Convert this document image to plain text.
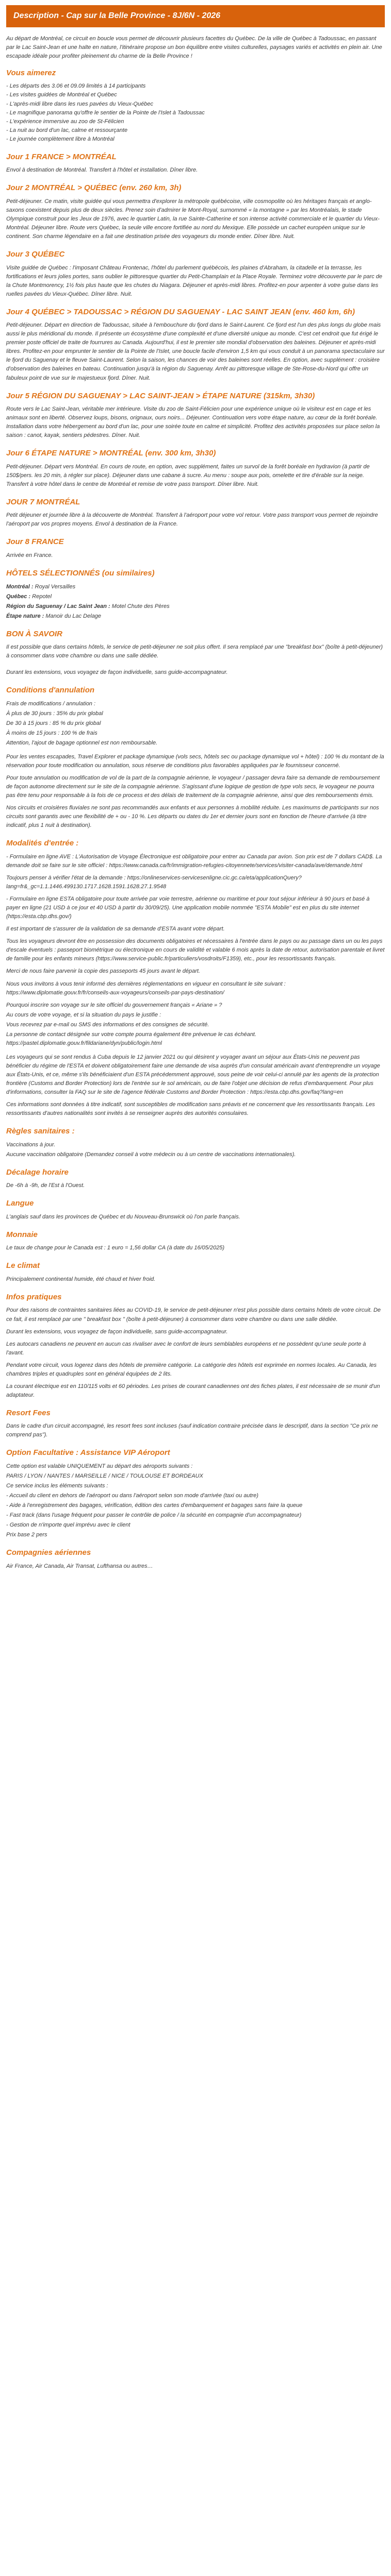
Description - Cap sur la Belle Province - 8J/6N - 2026

Au départ de Montréal, ce circuit en boucle vous permet de découvrir plusieurs facettes du Québec. De la ville de Québec à Tadoussac, en passant par le Lac Saint-Jean et une halte en nature, l'itinéraire propose un bon équilibre entre visites culturelles, paysages variés et activités en plein air. Une escapade idéale pour profiter pleinement du charme de la Belle Province !

Vous aimerez
- Les départs des 3.06 et 09.09 limités à 14 participants
- Les visites guidées de Montréal et Québec
- L'après-midi libre dans les rues pavées du Vieux-Québec
- Le magnifique panorama qu'offre le sentier de la Pointe de l'Islet à Tadoussac
- L'expérience immersive au zoo de St-Félicien
- La nuit au bord d'un lac, calme et ressourçante
- Le journée complètement libre à Montréal
Jour 1 FRANCE > MONTRÉAL

Envol à destination de Montréal. Transfert à l'hôtel et installation. Dîner libre.

Jour 2 MONTRÉAL > QUÉBEC (env. 260 km, 3h)

Petit-déjeuner. Ce matin, visite guidée qui vous permettra d'explorer la métropole québécoise, ville cosmopolite où les héritages français et anglo-saxons coexistent depuis plus de deux siècles. Prenez soin d'admirer le Mont-Royal, surnommé « la montagne » par les Montréalais, le stade Olympique construit pour les Jeux de 1976, avec le quartier Latin, la rue Sainte-Catherine et son intense activité commerciale et le quartier du Vieux-Montréal. Déjeuner libre. Route vers Québec, la seule ville encore fortifiée au nord du Mexique. Elle possède un cachet européen unique sur le continent. Son charme légendaire en a fait une destination prisée des voyageurs du monde entier. Dîner libre. Nuit.

Jour 3 QUÉBEC

Visite guidée de Québec : l'imposant Château Frontenac, l'hôtel du parlement québécois, les plaines d'Abraham, la citadelle et la terrasse, les fortifications et leurs jolies portes, sans oublier le pittoresque quartier du Petit-Champlain et la Place Royale. Terminez votre découverte par le parc de la Chute Montmorency, 1½ fois plus haute que les chutes du Niagara. Déjeuner et après-midi libres. Profitez-en pour arpenter à votre guise dans les ruelles pavées du Vieux-Québec. Dîner libre. Nuit.

Jour 4 QUÉBEC > TADOUSSAC > RÉGION DU SAGUENAY - LAC SAINT JEAN (env. 460 km, 6h)

Petit-déjeuner. Départ en direction de Tadoussac, située à l'embouchure du fjord dans le Saint-Laurent. Ce fjord est l'un des plus longs du globe mais aussi le plus méridional du monde. Il présente un écosystème d'une complexité et d'une diversité unique au monde. C'est cet endroit que fut érigé le premier poste officiel de traite de fourrures au Canada. Aujourd'hui, il est le premier site mondial d'observation des baleines. Déjeuner et après-midi libres. Profitez-en pour emprunter le sentier de la Pointe de l'Islet, une boucle facile d'environ 1,5 km qui vous conduit à un panorama spectaculaire sur le fjord du Saguenay et le fleuve Saint-Laurent. Selon la saison, les chances de voir des baleines sont réelles. En option, avec supplément : croisière d'observation des baleines en bateau. Continuation jusqu'à la région du Saguenay. Arrêt au pittoresque village de Ste-Rose-du-Nord qui offre un fabuleux point de vue sur le majestueux fjord. Dîner. Nuit.

Jour 5 RÉGION DU SAGUENAY > LAC SAINT-JEAN > ÉTAPE NATURE (315km, 3h30)

Route vers le Lac Saint-Jean, véritable mer intérieure. Visite du zoo de Saint-Félicien pour une expérience unique où le visiteur est en cage et les animaux sont en liberté. Observez loups, bisons, orignaux, ours noirs... Déjeuner. Continuation vers votre étape nature, au cœur de la forêt boréale. Installation dans votre hébergement au bord d'un lac, pour une soirée toute en calme et simplicité. Profitez des activités proposées sur place selon la saison : canot, kayak, sentiers pédestres. Dîner. Nuit.

Jour 6 ÉTAPE NATURE > MONTRÉAL (env. 300 km, 3h30)

Petit-déjeuner. Départ vers Montréal. En cours de route, en option, avec supplément, faites un survol de la forêt boréale en hydravion (à partir de 150$/pers. les 20 min, à régler sur place). Déjeuner dans une cabane à sucre. Au menu : soupe aux pois, omelette et tire d'érable sur la neige. Transfert à votre hôtel dans le centre de Montréal et remise de votre pass transport. Dîner libre. Nuit.

JOUR 7 MONTRÉAL

Petit déjeuner et journée libre à la découverte de Montréal. Transfert à l'aéroport pour votre vol retour. Votre pass transport vous permet de rejoindre l'aéroport par vos propres moyens. Envol à destination de la France.

Jour 8 FRANCE

Arrivée en France.

HÔTELS SÉLECTIONNÉS (ou similaires)
Montréal : Royal Versailles
Québec : Repotel
Région du Saguenay / Lac Saint Jean : Motel Chute des Pères
Étape nature : Manoir du Lac Delage
BON À SAVOIR

Il est possible que dans certains hôtels, le service de petit-déjeuner ne soit plus offert. Il sera remplacé par une "breakfast box" (boîte à petit-déjeuner) à consommer dans votre chambre ou dans une salle dédiée.

Durant les extensions, vous voyagez de façon individuelle, sans guide-accompagnateur.

Conditions d'annulation
Frais de modifications / annulation :
À plus de 30 jours : 35% du prix global
De 30 à 15 jours : 85 % du prix global
À moins de 15 jours : 100 % de frais
Attention, l'ajout de bagage optionnel est non remboursable.

Pour les ventes escapades, Travel Explorer et package dynamique (vols secs, hôtels sec ou package dynamique vol + hôtel) : 100 % du montant de la réservation pour toute modification ou annulation, sous réserve de conditions plus favorables appliquées par le fournisseur concerné.

Pour toute annulation ou modification de vol de la part de la compagnie aérienne, le voyageur / passager devra faire sa demande de remboursement de façon autonome directement sur le site de la compagnie aérienne. S'agissant d'une logique de gestion de type vols secs, le voyageur ne pourra pas être tenu pour responsable à la fois de ce process et des délais de traitement de la compagnie aérienne, ainsi que des remboursements émis.

Nos circuits et croisières fluviales ne sont pas recommandés aux enfants et aux personnes à mobilité réduite. Les maximums de participants sur nos circuits sont garantis avec une flexibilité de + ou - 10 %. Les départs ou dates du 1er et dernier jours sont en fonction de l'heure d'arrivée (à titre indicatif, plus 1 nuit à destination).

Modalités d'entrée :

- Formulaire en ligne AVE : L'Autorisation de Voyage Électronique est obligatoire pour entrer au Canada par avion. Son prix est de 7 dollars CAD$. La demande doit se faire sur le site officiel : https://www.canada.ca/fr/immigration-refugies-citoyennete/services/visiter-canada/ave/demande.html

Toujours penser à vérifier l'état de la demande : https://onlineservices-servicesenligne.cic.gc.ca/eta/applicationQuery?lang=fr&_gc=1.1.1446.499130.1717.1628.1591.1628.27.1.9548

- Formulaire en ligne ESTA obligatoire pour toute arrivée par voie terrestre, aérienne ou maritime et pour tout séjour inférieur à 90 jours et basé à payer en ligne (21 USD à ce jour et 40 USD à partir du 30/09/25). Une application mobile nommée "ESTA Mobile" est en plus du site internet (https://esta.cbp.dhs.gov/)

Il est important de s'assurer de la validation de sa demande d'ESTA avant votre départ.

Tous les voyageurs devront être en possession des documents obligatoires et nécessaires à l'entrée dans le pays ou au passage dans un ou les pays d'escale éventuels : passeport biométrique ou électronique en cours de validité et valable 6 mois après la date de retour, autorisation parentale et livret de famille pour les enfants mineurs (https://www.service-public.fr/particuliers/vosdroits/F1359), etc., pour les ressortissants français.

Merci de nous faire parvenir la copie des passeports 45 jours avant le départ.

Nous vous invitons à vous tenir informé des dernières réglementations en vigueur en consultant le site suivant : https://www.diplomatie.gouv.fr/fr/conseils-aux-voyageurs/conseils-par-pays-destination/

Pourquoi inscrire son voyage sur le site officiel du gouvernement français « Ariane » ?
Au cours de votre voyage, et si la situation du pays le justifie :
Vous recevrez par e-mail ou SMS des informations et des consignes de sécurité.
La personne de contact désignée sur votre compte pourra également être prévenue le cas échéant. https://pastel.diplomatie.gouv.fr/fildariane/dyn/public/login.html

Les voyageurs qui se sont rendus à Cuba depuis le 12 janvier 2021 ou qui désirent y voyager avant un séjour aux États-Unis ne peuvent pas bénéficier du régime de l'ESTA et doivent obligatoirement faire une demande de visa auprès d'un consulat américain avant d'entreprendre un voyage aux États-Unis, et ce, même s'ils bénéficiaient d'un ESTA précédemment approuvé, sous peine de voir celui-ci annulé par les agents de la protection frontière (Customs and Border Protection) lors de l'entrée sur le sol américain, ou de faire l'objet une décision de refus d'embarquement. Pour plus d'informations, consulter la FAQ sur le site de l'agence fédérale Customs and Border Protection : https://esta.cbp.dhs.gov/faq?lang=en

Ces informations sont données à titre indicatif, sont susceptibles de modification sans préavis et ne concernent que les ressortissants français. Les ressortissants d'autres nationalités sont invités à se renseigner auprès des autorités consulaires.

Règles sanitaires :
Vaccinations à jour.
Aucune vaccination obligatoire (Demandez conseil à votre médecin ou à un centre de vaccinations internationales).
Décalage horaire

De -6h à -9h, de l'Est à l'Ouest.

Langue

L'anglais sauf dans les provinces de Québec et du Nouveau-Brunswick où l'on parle français.

Monnaie

Le taux de change pour le Canada est : 1 euro = 1,56 dollar CA (à date du 16/05/2025)

Le climat

Principalement continental humide, été chaud et hiver froid.

Infos pratiques

Pour des raisons de contraintes sanitaires liées au COVID-19, le service de petit-déjeuner n'est plus possible dans certains hôtels de votre circuit. De ce fait, il est remplacé par une " breakfast box " (boîte à petit-déjeuner) à consommer dans votre chambre ou dans une salle dédiée.

Durant les extensions, vous voyagez de façon individuelle, sans guide-accompagnateur.

Les autocars canadiens ne peuvent en aucun cas rivaliser avec le confort de leurs semblables européens et ne possèdent qu'une seule porte à l'avant.

Pendant votre circuit, vous logerez dans des hôtels de première catégorie. La catégorie des hôtels est exprimée en normes locales. Au Canada, les chambres triples et quadruples sont en général équipées de 2 lits.

La courant électrique est en 110/115 volts et 60 périodes. Les prises de courant canadiennes ont des fiches plates, il est nécessaire de se munir d'un adaptateur.

Resort Fees

Dans le cadre d'un circuit accompagné, les resort fees sont incluses (sauf indication contraire précisée dans le descriptif, dans la section "Ce prix ne comprend pas").

Option Facultative : Assistance VIP Aéroport
Cette option est valable UNIQUEMENT au départ des aéroports suivants :
PARIS / LYON / NANTES / MARSEILLE / NICE / TOULOUSE ET BORDEAUX
Ce service inclus les éléments suivants :
- Accueil du client en dehors de l'aéroport ou dans l'aéroport selon son mode d'arrivée (taxi ou autre)
- Aide à l'enregistrement des bagages, vérification, édition des cartes d'embarquement et bagages sans faire la queue
- Fast track (dans l'usage fréquent pour passer le contrôle de police / la sécurité en compagnie d'un accompagnateur)
- Gestion de n'importe quel imprévu avec le client
Prix base 2 pers
Compagnies aériennes

Air France, Air Canada, Air Transat, Lufthansa ou autres…
